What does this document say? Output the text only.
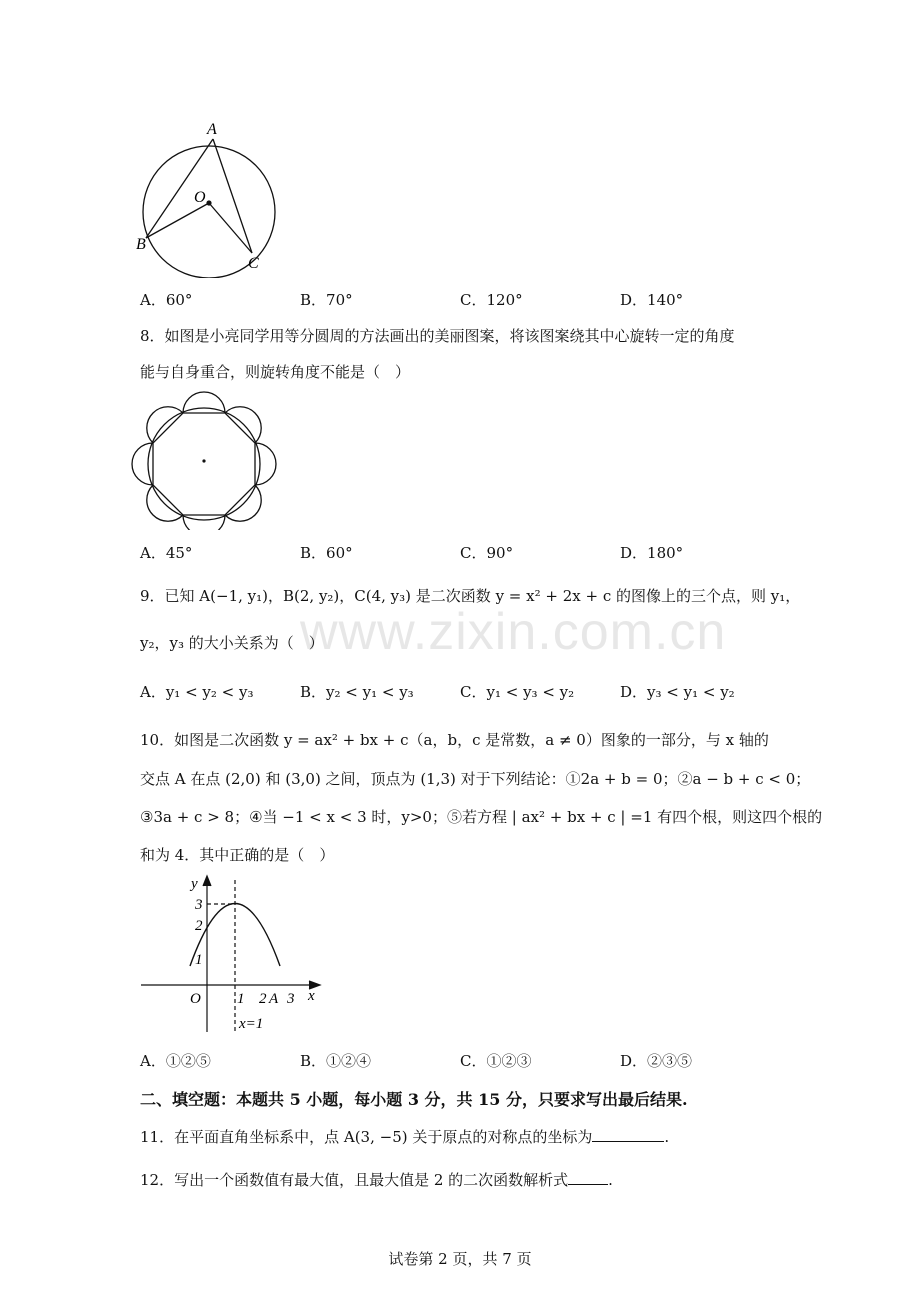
www.zixin.com.cn
A
O
B
C
A．60°	B．70°	C．120°	D．140°
8．如图是小亮同学用等分圆周的方法画出的美丽图案，将该图案绕其中心旋转一定的角度
能与自身重合，则旋转角度不能是（　）
A．45°	B．60°	C．90°	D．180°
9．已知 A(−1, y₁)，B(2, y₂)，C(4, y₃) 是二次函数 y = x² + 2x + c 的图像上的三个点，则 y₁，
y₂，y₃ 的大小关系为（　）
A．y₁ < y₂ < y₃	B．y₂ < y₁ < y₃	C．y₁ < y₃ < y₂	D．y₃ < y₁ < y₂
10．如图是二次函数 y = ax² + bx + c（a，b，c 是常数，a ≠ 0）图象的一部分，与 x 轴的
交点 A 在点 (2,0) 和 (3,0) 之间，顶点为 (1,3) 对于下列结论：①2a + b = 0；②a − b + c < 0；
③3a + c > 8；④当 −1 < x < 3 时，y>0；⑤若方程 | ax² + bx + c | =1 有四个根，则这四个根的
和为 4．其中正确的是（　）
y
x
O 1 2 A 3
1
2
3
x=1
A．①②⑤	B．①②④	C．①②③	D．②③⑤
二、填空题：本题共 5 小题，每小题 3 分，共 15 分，只要求写出最后结果.
11．在平面直角坐标系中，点 A(3, −5) 关于原点的对称点的坐标为	.
12．写出一个函数值有最大值，且最大值是 2 的二次函数解析式	.
试卷第 2 页，共 7 页
